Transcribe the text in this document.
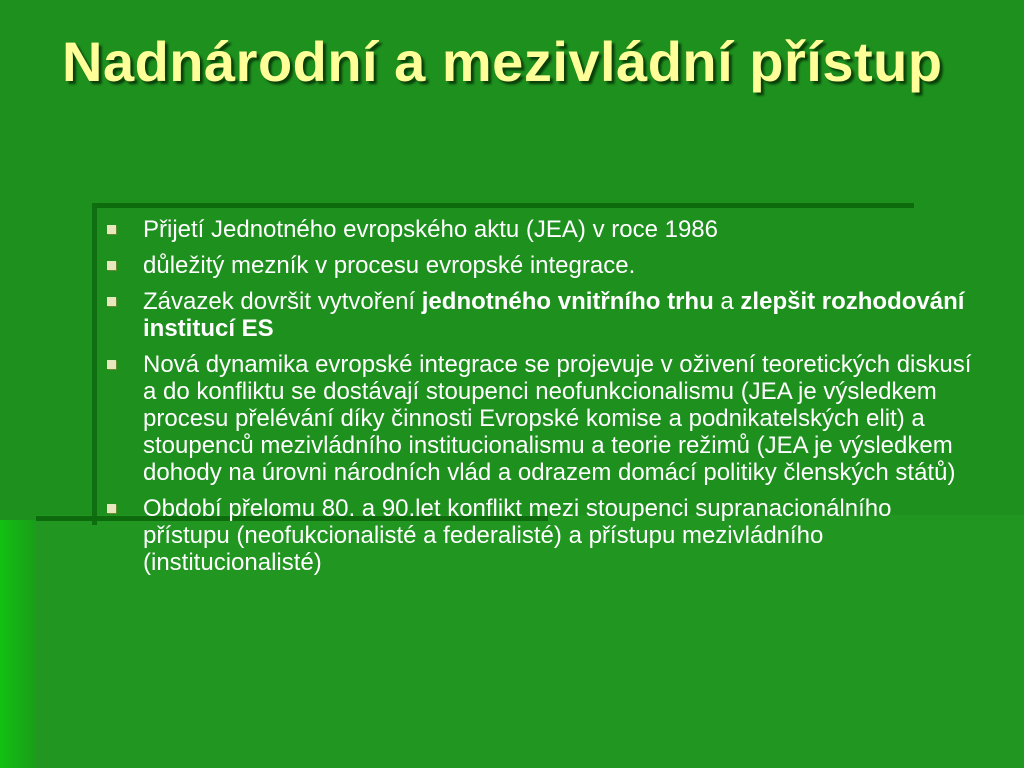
Nadnárodní a mezivládní přístup
Přijetí Jednotného evropského aktu (JEA) v roce 1986
důležitý mezník v procesu evropské integrace.
Závazek dovršit vytvoření jednotného vnitřního trhu a zlepšit rozhodování institucí ES
Nová dynamika evropské integrace se projevuje v oživení teoretických diskusí a do konfliktu se dostávají stoupenci neofunkcionalismu (JEA je výsledkem procesu přelévání díky činnosti Evropské komise a podnikatelských elit) a stoupenců mezivládního institucionalismu a teorie režimů (JEA je výsledkem dohody na úrovni národních vlád a odrazem domácí politiky členských států)
Období přelomu 80. a 90.let konflikt mezi stoupenci supranacionálního přístupu (neofukcionalisté a federalisté) a přístupu mezivládního (institucionalisté)
